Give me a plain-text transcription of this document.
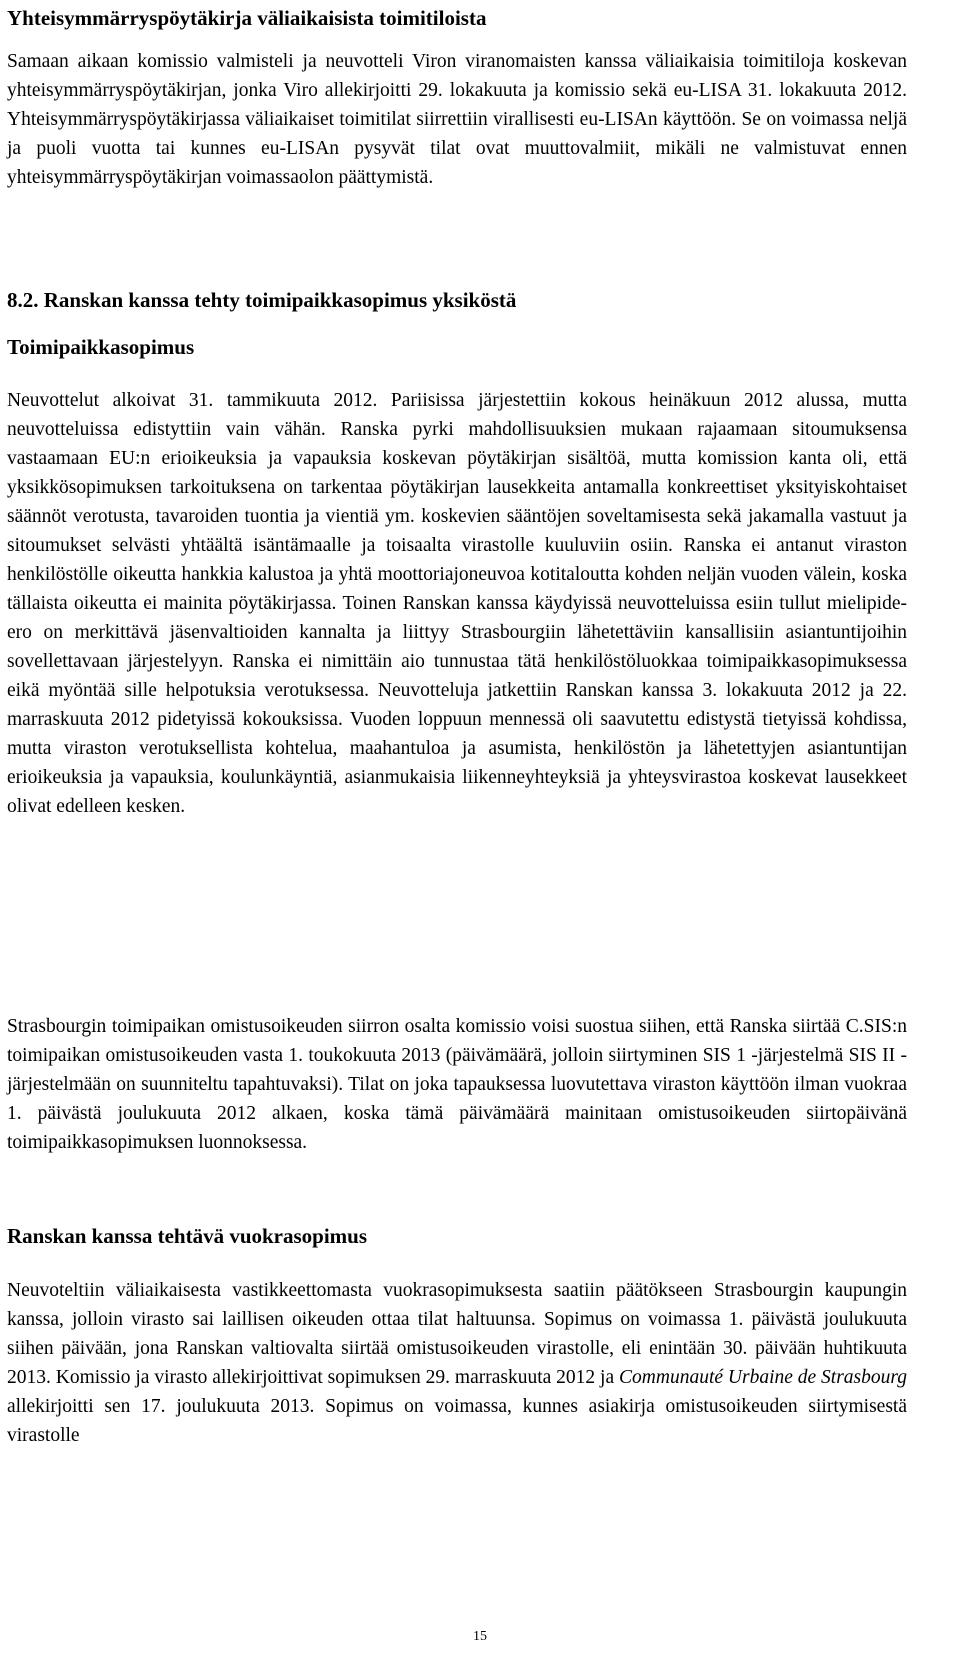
Yhteisymmärryspöytäkirja väliaikaisista toimitiloista

Samaan aikaan komissio valmisteli ja neuvotteli Viron viranomaisten kanssa väliaikaisia toimitiloja koskevan yhteisymmärryspöytäkirjan, jonka Viro allekirjoitti 29. lokakuuta ja komissio sekä eu-LISA 31. lokakuuta 2012. Yhteisymmärryspöytäkirjassa väliaikaiset toimitilat siirrettiin virallisesti eu-LISAn käyttöön. Se on voimassa neljä ja puoli vuotta tai kunnes eu-LISAn pysyvät tilat ovat muuttovalmiit, mikäli ne valmistuvat ennen yhteisymmärryspöytäkirjan voimassaolon päättymistä.

8.2. Ranskan kanssa tehty toimipaikkasopimus yksiköstä
Toimipaikkasopimus

Neuvottelut alkoivat 31. tammikuuta 2012. Pariisissa järjestettiin kokous heinäkuun 2012 alussa, mutta neuvotteluissa edistyttiin vain vähän. Ranska pyrki mahdollisuuksien mukaan rajaamaan sitoumuksensa vastaamaan EU:n erioikeuksia ja vapauksia koskevan pöytäkirjan sisältöä, mutta komission kanta oli, että yksikkösopimuksen tarkoituksena on tarkentaa pöytäkirjan lausekkeita antamalla konkreettiset yksityiskohtaiset säännöt verotusta, tavaroiden tuontia ja vientiä ym. koskevien sääntöjen soveltamisesta sekä jakamalla vastuut ja sitoumukset selvästi yhtäältä isäntämaalle ja toisaalta virastolle kuuluviin osiin. Ranska ei antanut viraston henkilöstölle oikeutta hankkia kalustoa ja yhtä moottoriajoneuvoa kotitaloutta kohden neljän vuoden välein, koska tällaista oikeutta ei mainita pöytäkirjassa. Toinen Ranskan kanssa käydyissä neuvotteluissa esiin tullut mielipide-ero on merkittävä jäsenvaltioiden kannalta ja liittyy Strasbourgiin lähetettäviin kansallisiin asiantuntijoihin sovellettavaan järjestelyyn. Ranska ei nimittäin aio tunnustaa tätä henkilöstöluokkaa toimipaikkasopimuksessa eikä myöntää sille helpotuksia verotuksessa. Neuvotteluja jatkettiin Ranskan kanssa 3. lokakuuta 2012 ja 22. marraskuuta 2012 pidetyissä kokouksissa. Vuoden loppuun mennessä oli saavutettu edistystä tietyissä kohdissa, mutta viraston verotuksellista kohtelua, maahantuloa ja asumista, henkilöstön ja lähetettyjen asiantuntijan erioikeuksia ja vapauksia, koulunkäyntiä, asianmukaisia liikenneyhteyksiä ja yhteysvirastoa koskevat lausekkeet olivat edelleen kesken.

Strasbourgin toimipaikan omistusoikeuden siirron osalta komissio voisi suostua siihen, että Ranska siirtää C.SIS:n toimipaikan omistusoikeuden vasta 1. toukokuuta 2013 (päivämäärä, jolloin siirtyminen SIS 1 -järjestelmä SIS II -järjestelmään on suunniteltu tapahtuvaksi). Tilat on joka tapauksessa luovutettava viraston käyttöön ilman vuokraa 1. päivästä joulukuuta 2012 alkaen, koska tämä päivämäärä mainitaan omistusoikeuden siirtopäivänä toimipaikkasopimuksen luonnoksessa.

Ranskan kanssa tehtävä vuokrasopimus

Neuvoteltiin väliaikaisesta vastikkeettomasta vuokrasopimuksesta saatiin päätökseen Strasbourgin kaupungin kanssa, jolloin virasto sai laillisen oikeuden ottaa tilat haltuunsa. Sopimus on voimassa 1. päivästä joulukuuta siihen päivään, jona Ranskan valtiovalta siirtää omistusoikeuden virastolle, eli enintään 30. päivään huhtikuuta 2013. Komissio ja virasto allekirjoittivat sopimuksen 29. marraskuuta 2012 ja Communauté Urbaine de Strasbourg allekirjoitti sen 17. joulukuuta 2013. Sopimus on voimassa, kunnes asiakirja omistusoikeuden siirtymisestä virastolle

15
